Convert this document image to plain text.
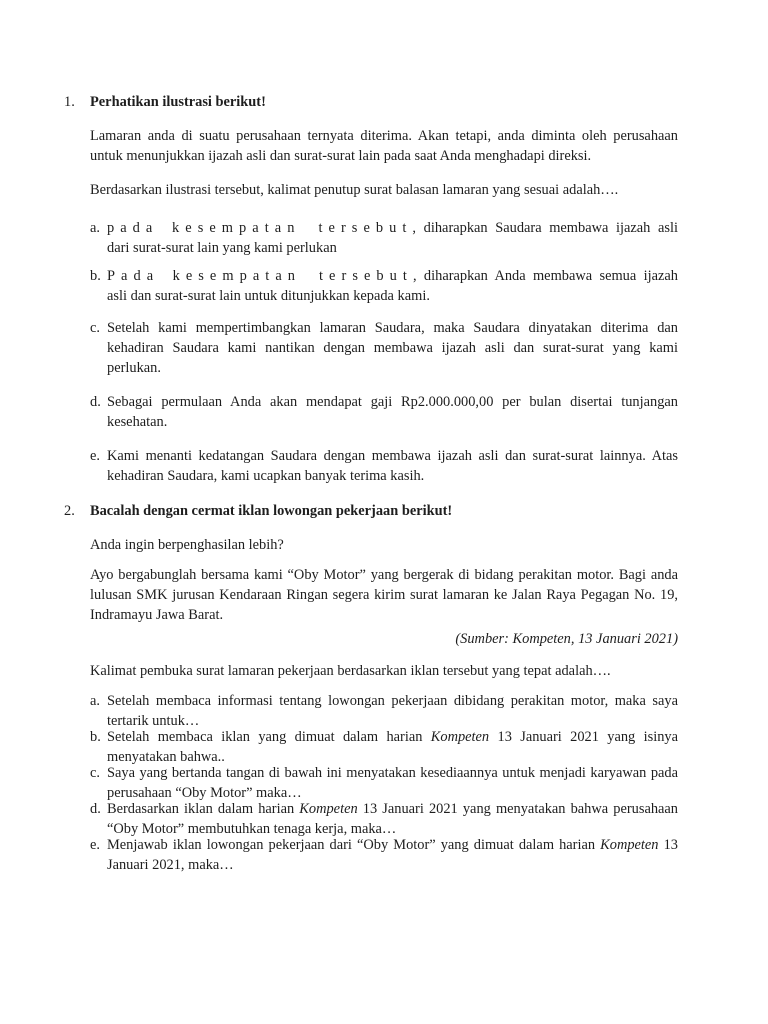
1.	Perhatikan ilustrasi berikut!
Lamaran anda di suatu perusahaan ternyata diterima. Akan tetapi, anda diminta oleh perusahaan untuk menunjukkan ijazah asli dan surat-surat lain pada saat Anda menghadapi direksi.
Berdasarkan ilustrasi tersebut, kalimat penutup surat balasan lamaran yang sesuai adalah….
a. pada kesempatan tersebut, diharapkan Saudara membawa ijazah asli dari surat-surat lain yang kami perlukan
b. Pada kesempatan tersebut, diharapkan Anda membawa semua ijazah asli dan surat-surat lain untuk ditunjukkan kepada kami.
c. Setelah kami mempertimbangkan lamaran Saudara, maka Saudara dinyatakan diterima dan kehadiran Saudara kami nantikan dengan membawa ijazah asli dan surat-surat yang kami perlukan.
d. Sebagai permulaan Anda akan mendapat gaji Rp2.000.000,00 per bulan disertai tunjangan kesehatan.
e. Kami menanti kedatangan Saudara dengan membawa ijazah asli dan surat-surat lainnya. Atas kehadiran Saudara, kami ucapkan banyak terima kasih.
2.	Bacalah dengan cermat iklan lowongan pekerjaan berikut!
Anda ingin berpenghasilan lebih?
Ayo bergabunglah bersama kami “Oby Motor” yang bergerak di bidang perakitan motor. Bagi anda lulusan SMK jurusan Kendaraan Ringan segera kirim surat lamaran ke Jalan Raya Pegagan No. 19, Indramayu Jawa Barat.
(Sumber: Kompeten, 13 Januari 2021)
Kalimat pembuka surat lamaran pekerjaan berdasarkan iklan tersebut yang tepat adalah….
a. Setelah membaca informasi tentang lowongan pekerjaan dibidang perakitan motor, maka saya tertarik untuk…
b. Setelah membaca iklan yang dimuat dalam harian Kompeten 13 Januari 2021 yang isinya menyatakan bahwa..
c. Saya yang bertanda tangan di bawah ini menyatakan kesediaannya untuk menjadi karyawan pada perusahaan “Oby Motor” maka…
d. Berdasarkan iklan dalam harian Kompeten 13 Januari 2021 yang menyatakan bahwa perusahaan “Oby Motor” membutuhkan tenaga kerja, maka…
e. Menjawab iklan lowongan pekerjaan dari “Oby Motor” yang dimuat dalam harian Kompeten 13 Januari 2021, maka…
